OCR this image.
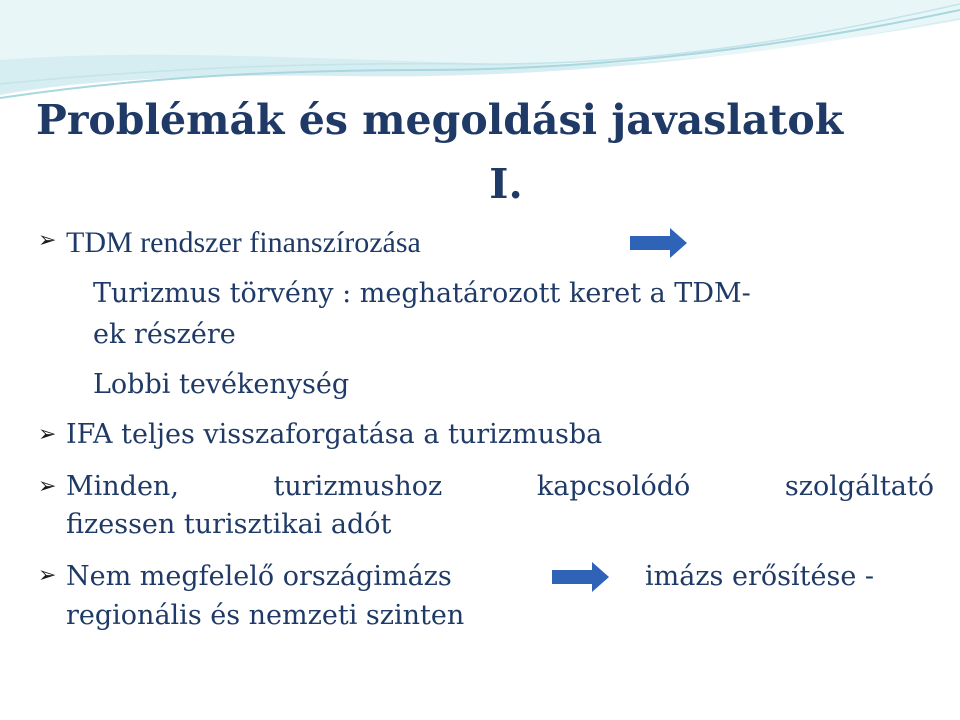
Problémák és megoldási javaslatok
I.
➢ TDM rendszer finanszírozása
Turizmus törvény : meghatározott keret a TDM-
ek részére
Lobbi tevékenység
➢ IFA teljes visszaforgatása a turizmusba
➢ Minden,	turizmushoz	kapcsolódó	szolgáltató
fizessen turisztikai adót
➢ Nem megfelelő országimázs	imázs erősítése -
regionális és nemzeti szinten
